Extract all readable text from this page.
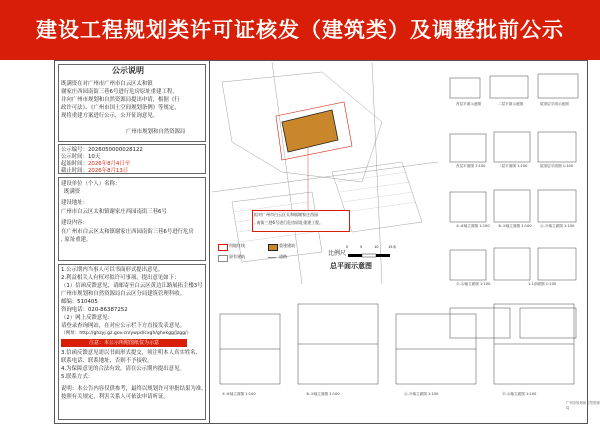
建设工程规划类许可证核发（建筑类）及调整批前公示
公示说明
既满资在对广州市广州市白云区太和镇
谢家庄西园南街三巷6号进行危房原址重建工程，
并向广州市规划和自然资源局提出申请，根据《行
政许可法》、《广州市国土空间规划条例》等规定，
现将重建方案进行公示，公开征询意见。
广州市规划和自然资源局
公示编号：2026050000028122
公示时间：10天
起始时间：2026年8月4日至
截止时间：2026年8月13日
建设单位（个人）名称：
既满资
建设地址：
广州市白云区太和镇谢家庄西园南街三巷6号
建设内容：
在广州市白云区太和镇谢家庄西园南街三巷6号进行危房
, 原址重建。
1.公示期内当事人可以书面形式提出意见。
2.利益相关人有权对拟许可事项，提出意见如下：
（1）信函反馈意见，请邮寄至白云区黄边江路展拓主楼3号
广州市规划和自然资源局白云区分局建筑管理科收。
邮编：510405
咨询电话：020-86387252
（2）网上反馈意见：
请登录查询网站，在对应公示栏下方直接发表意见。
（网址：http://ghzyj.gz.gov.cn/ywpd/cxgh/ghxkgg/jzgg/）
注意：本公示所附图纸仅为示意
3.信函反馈意见需以书面形式提交，须注明本人真实姓名、
联系电话、联系地址，否则不予接收。
4.为保障意见的合法有效，请在公示期内提出意见。
5.联系方式：
说明：本公告内容仅供参考，最终以规划许可审批结果为准，
按照有关规定，利害关系人可依法申请听证。
拟对广州市白云区太和镇谢家庄西园
, 南街三巷6号进行危房原址重建工程。
用地红线	重建建筑
原有建筑	道路	比例尺
0	5	10	15米
总平面示意图
首层平面示意图	二层平面示意图	屋顶层平面示意图
首层平面图 1:100	二层平面图 1:100	屋顶层平面图 1:100
①-⑥轴立面图 1:100 ⑥-①轴立面图 1:100 Ⓐ-Ⓓ轴立面图 1:100
Ⓓ-Ⓐ轴立面图 1:100	1-1剖面图 1:100
①-⑥轴立面图 1:100	⑥-①轴立面图 1:100	Ⓐ-Ⓓ轴立面图 1:100	Ⓓ-Ⓐ轴立面图 1:100
广州市规划和自然资源局
